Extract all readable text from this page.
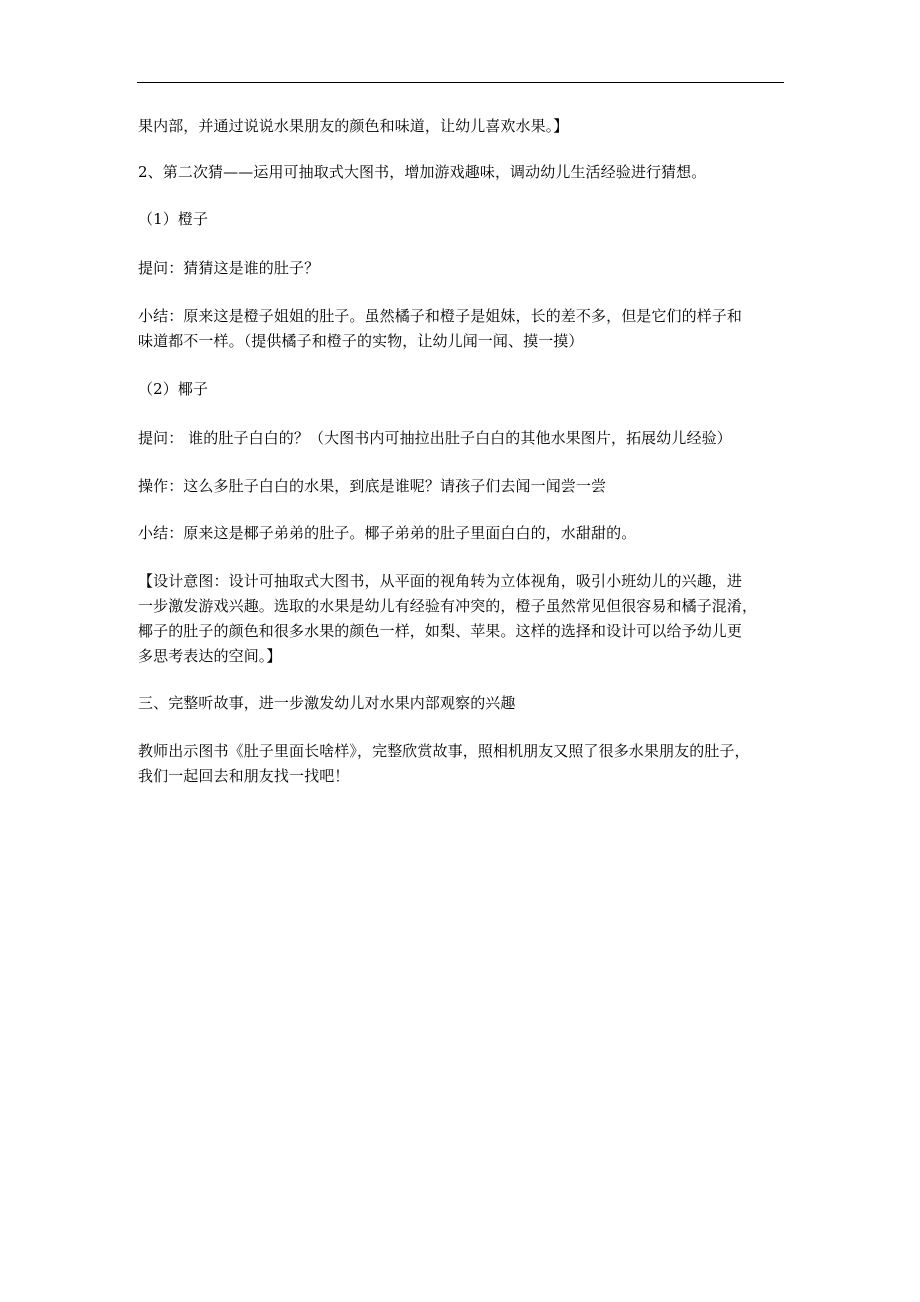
果内部，并通过说说水果朋友的颜色和味道，让幼儿喜欢水果。】
2、第二次猜——运用可抽取式大图书，增加游戏趣味，调动幼儿生活经验进行猜想。
（1）橙子
提问：猜猜这是谁的肚子？
小结：原来这是橙子姐姐的肚子。虽然橘子和橙子是姐妹，长的差不多，但是它们的样子和
味道都不一样。（提供橘子和橙子的实物，让幼儿闻一闻、摸一摸）
（2）椰子
提问： 谁的肚子白白的？（大图书内可抽拉出肚子白白的其他水果图片，拓展幼儿经验）
操作：这么多肚子白白的水果，到底是谁呢？请孩子们去闻一闻尝一尝
小结：原来这是椰子弟弟的肚子。椰子弟弟的肚子里面白白的，水甜甜的。
【设计意图：设计可抽取式大图书，从平面的视角转为立体视角，吸引小班幼儿的兴趣，进
一步激发游戏兴趣。选取的水果是幼儿有经验有冲突的，橙子虽然常见但很容易和橘子混淆，
椰子的肚子的颜色和很多水果的颜色一样，如梨、苹果。这样的选择和设计可以给予幼儿更
多思考表达的空间。】
三、完整听故事，进一步激发幼儿对水果内部观察的兴趣
教师出示图书《肚子里面长啥样》，完整欣赏故事，照相机朋友又照了很多水果朋友的肚子，
我们一起回去和朋友找一找吧！
